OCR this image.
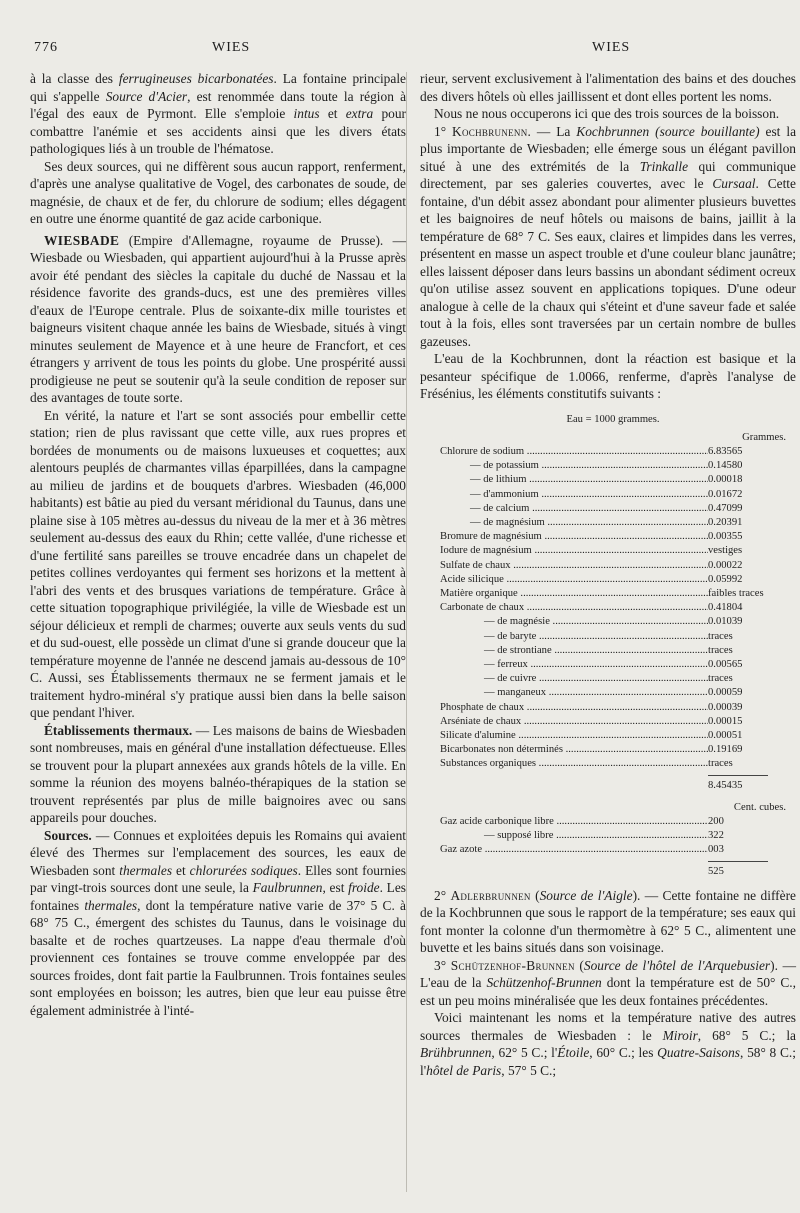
776	WIES	WIES

à la classe des ferrugineuses bicarbonatées. La fontaine principale qui s'appelle Source d'Acier, est renommée dans toute la région à l'égal des eaux de Pyrmont. Elle s'emploie intus et extra pour combattre l'anémie et ses accidents ainsi que les divers états pathologiques liés à un trouble de l'hématose.

Ses deux sources, qui ne diffèrent sous aucun rapport, renferment, d'après une analyse qualitative de Vogel, des carbonates de soude, de magnésie, de chaux et de fer, du chlorure de sodium; elles dégagent en outre une énorme quantité de gaz acide carbonique.

WIESBADE (Empire d'Allemagne, royaume de Prusse). — Wiesbade ou Wiesbaden, qui appartient aujourd'hui à la Prusse après avoir été pendant des siècles la capitale du duché de Nassau et la résidence favorite des grands-ducs, est une des premières villes d'eaux de l'Europe centrale. Plus de soixante-dix mille touristes et baigneurs visitent chaque année les bains de Wiesbade, situés à vingt minutes seulement de Mayence et à une heure de Francfort, et ces étrangers y arrivent de tous les points du globe. Une prospérité aussi prodigieuse ne peut se soutenir qu'à la seule condition de reposer sur des avantages de toute sorte.

En vérité, la nature et l'art se sont associés pour embellir cette station; rien de plus ravissant que cette ville, aux rues propres et bordées de monuments ou de maisons luxueuses et coquettes; aux alentours peuplés de charmantes villas éparpillées, dans la campagne au milieu de jardins et de bouquets d'arbres. Wiesbaden (46,000 habitants) est bâtie au pied du versant méridional du Taunus, dans une plaine sise à 105 mètres au-dessus du niveau de la mer et à 36 mètres seulement au-dessus des eaux du Rhin; cette vallée, d'une richesse et d'une fertilité sans pareilles se trouve encadrée dans un chapelet de petites collines verdoyantes qui ferment ses horizons et la mettent à l'abri des vents et des brusques variations de température. Grâce à cette situation topographique privilégiée, la ville de Wiesbade est un séjour délicieux et rempli de charmes; ouverte aux seuls vents du sud et du sud-ouest, elle possède un climat d'une si grande douceur que la température moyenne de l'année ne descend jamais au-dessous de 10° C. Aussi, ses Établissements thermaux ne se ferment jamais et le traitement hydro-minéral s'y pratique aussi bien dans la belle saison que pendant l'hiver.

Établissements thermaux. — Les maisons de bains de Wiesbaden sont nombreuses, mais en général d'une installation défectueuse. Elles se trouvent pour la plupart annexées aux grands hôtels de la ville. En somme la réunion des moyens balnéo-thérapiques de la station se trouvent représentés par plus de mille baignoires avec ou sans appareils pour douches.

Sources. — Connues et exploitées depuis les Romains qui avaient élevé des Thermes sur l'emplacement des sources, les eaux de Wiesbaden sont thermales et chlorurées sodiques. Elles sont fournies par vingt-trois sources dont une seule, la Faulbrunnen, est froide. Les fontaines thermales, dont la température native varie de 37° 5 C. à 68° 75 C., émergent des schistes du Taunus, dans le voisinage du basalte et de roches quartzeuses. La nappe d'eau thermale d'où proviennent ces fontaines se trouve comme enveloppée par des sources froides, dont fait partie la Faulbrunnen. Trois fontaines seules sont employées en boisson; les autres, bien que leur eau puisse être également administrée à l'inté-

rieur, servent exclusivement à l'alimentation des bains et des douches des divers hôtels où elles jaillissent et dont elles portent les noms.

Nous ne nous occuperons ici que des trois sources de la boisson.

1° Kochbrunenn. — La Kochbrunnen (source bouillante) est la plus importante de Wiesbaden; elle émerge sous un élégant pavillon situé à une des extrémités de la Trinkalle qui communique directement, par ses galeries couvertes, avec le Cursaal. Cette fontaine, d'un débit assez abondant pour alimenter plusieurs buvettes et les baignoires de neuf hôtels ou maisons de bains, jaillit à la température de 68° 7 C. Ses eaux, claires et limpides dans les verres, présentent en masse un aspect trouble et d'une couleur blanc jaunâtre; elles laissent déposer dans leurs bassins un abondant sédiment ocreux qu'on utilise assez souvent en applications topiques. D'une odeur analogue à celle de la chaux qui s'éteint et d'une saveur fade et salée tout à la fois, elles sont traversées par un certain nombre de bulles gazeuses.

L'eau de la Kochbrunnen, dont la réaction est basique et la pesanteur spécifique de 1.0066, renferme, d'après l'analyse de Frésénius, les éléments constitutifs suivants :

Eau = 1000 grammes.
Grammes.
Chlorure de sodium .....	6.83565
— de potassium .....	0.14580
— de lithium .....	0.00018
— d'ammonium .....	0.01672
— de calcium .....	0.47099
— de magnésium .....	0.20391
Bromure de magnésium .....	0.00355
Iodure de magnésium .....	vestiges
Sulfate de chaux .....	0.00022
Acide silicique .....	0.05992
Matière organique .....	faibles traces
Carbonate de chaux .....	0.41804
— de magnésie .....	0.01039
— de baryte .....	traces
— de strontiane .....	traces
— ferreux .....	0.00565
— de cuivre .....	traces
— manganeux .....	0.00059
Phosphate de chaux .....	0.00039
Arséniate de chaux .....	0.00015
Silicate d'alumine .....	0.00051
Bicarbonates non déterminés .....	0.19169
Substances organiques .....	traces
8.45435
Cent. cubes.
Gaz acide carbonique libre .....	200
— supposé libre .....	322
Gaz azote .....	003
525

2° Adlerbrunnen (Source de l'Aigle). — Cette fontaine ne diffère de la Kochbrunnen que sous le rapport de la température; ses eaux qui font monter la colonne d'un thermomètre à 62° 5 C., alimentent une buvette et les bains situés dans son voisinage.

3° Schützenhof-Brunnen (Source de l'hôtel de l'Arquebusier). — L'eau de la Schützenhof-Brunnen dont la température est de 50° C., est un peu moins minéralisée que les deux fontaines précédentes.

Voici maintenant les noms et la température native des autres sources thermales de Wiesbaden : le Miroir, 68° 5 C.; la Brühbrunnen, 62° 5 C.; l'Étoile, 60° C.; les Quatre-Saisons, 58° 8 C.; l'hôtel de Paris, 57° 5 C.;
